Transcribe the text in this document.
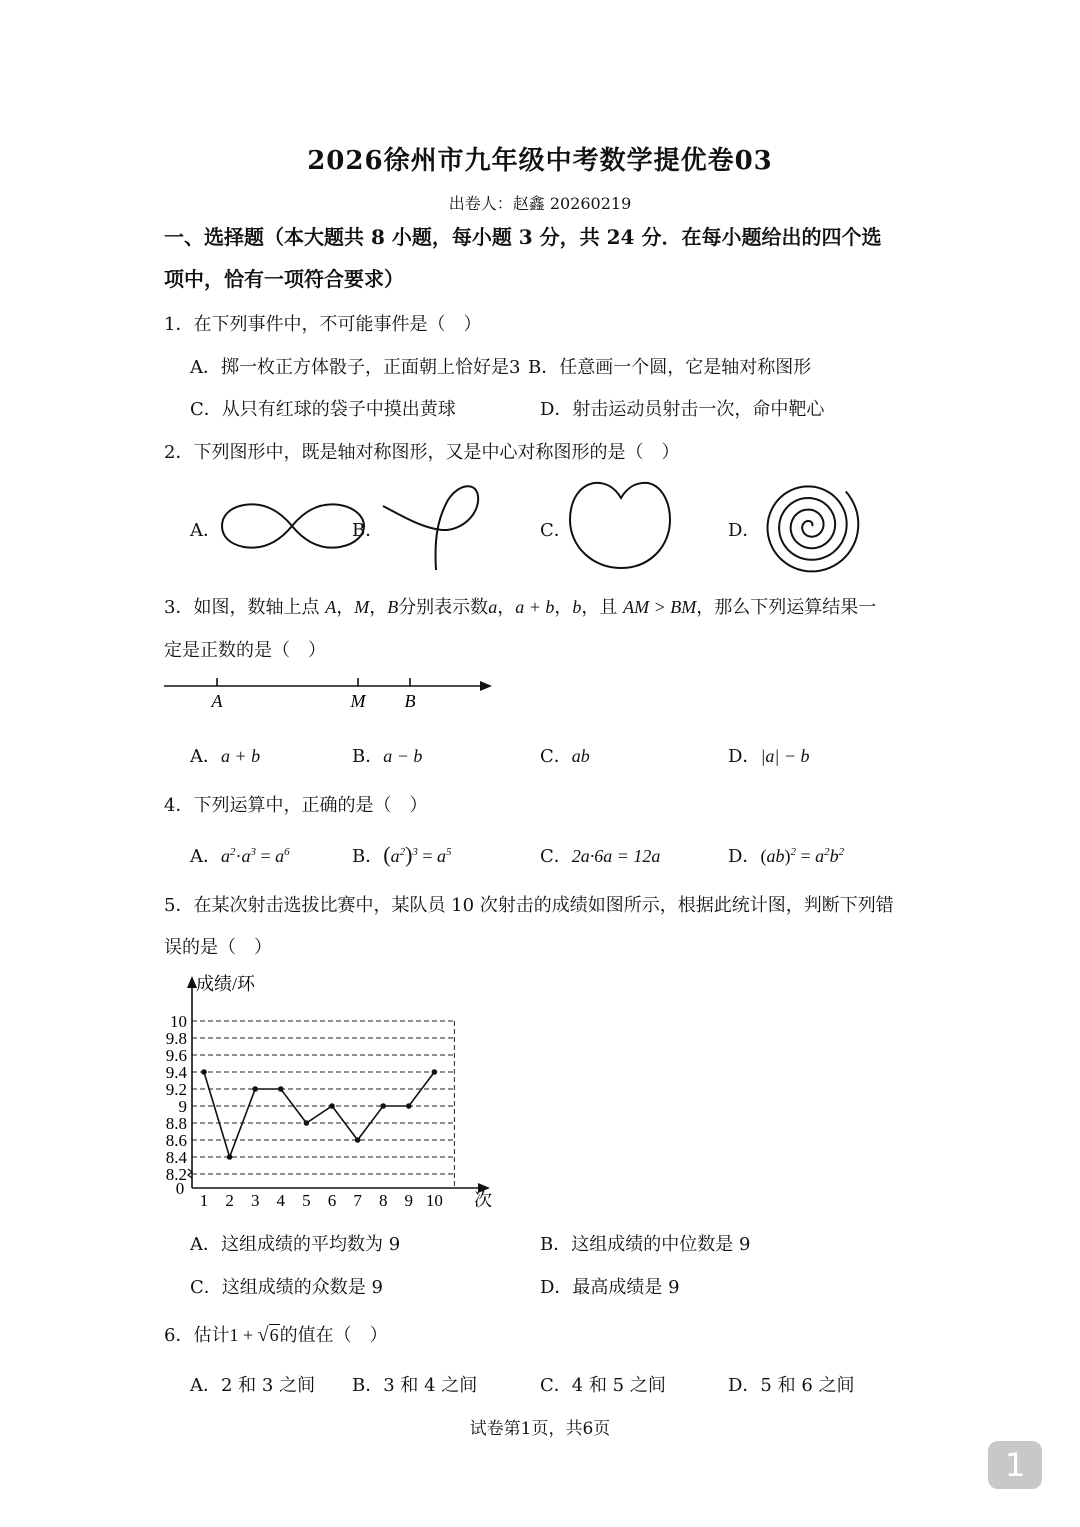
2026徐州市九年级中考数学提优卷03
出卷人：赵鑫 20260219
一、选择题（本大题共 8 小题，每小题 3 分，共 24 分．在每小题给出的四个选
项中，恰有一项符合要求）
1．在下列事件中，不可能事件是（　）
A．掷一枚正方体骰子，正面朝上恰好是3 B．任意画一个圆，它是轴对称图形
C．从只有红球的袋子中摸出黄球	D．射击运动员射击一次，命中靶心
2．下列图形中，既是轴对称图形，又是中心对称图形的是（　）
A．	B．	C．	D．
3．如图，数轴上点 A，M，B分别表示数a，a + b，b，且 AM > BM，那么下列运算结果一
定是正数的是（　）
A	M B
A．a + b	B．a − b	C．ab	D．|a| − b
4．下列运算中，正确的是（　）
A．$a^2\cdot a^3 = a^6$	B．$(a^2)^3 = a^5$	C．2a·6a = 12a	D．$(ab)^2 = a^2b^2$
5．在某次射击选拔比赛中，某队员 10 次射击的成绩如图所示，根据此统计图，判断下列错
误的是（　）
成绩/环
次
0
10
9.8
9.6
9.4
9.2
9
8.8
8.6
8.4
8.2
1 2 3 4 5 6 7 8 9 10
A．这组成绩的平均数为 9	B．这组成绩的中位数是 9
C．这组成绩的众数是 9	D．最高成绩是 9
6．估计1 + √6的值在（　）
A．2 和 3 之间 B．3 和 4 之间	C．4 和 5 之间	D．5 和 6 之间
试卷第1页，共6页
1
